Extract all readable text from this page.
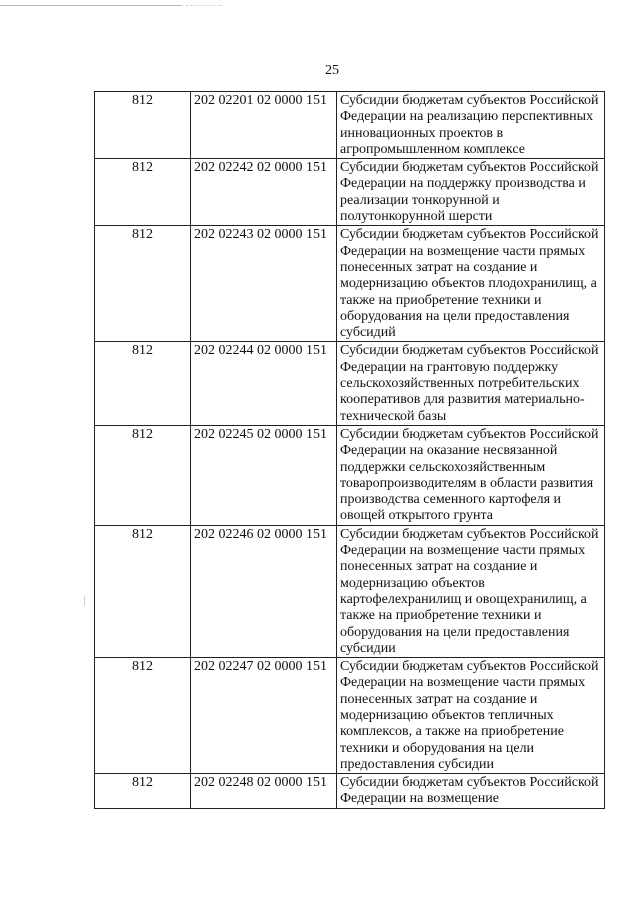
25
812	202 02201 02 0000 151	Субсидии бюджетам субъектов Российской Федерации на реализацию перспективных инновационных проектов в агропромышленном комплексе
812	202 02242 02 0000 151	Субсидии бюджетам субъектов Российской Федерации на поддержку производства и реализации тонкорунной и полутонкорунной шерсти
812	202 02243 02 0000 151	Субсидии бюджетам субъектов Российской Федерации на возмещение части прямых понесенных затрат на создание и модернизацию объектов плодохранилищ, а также на приобретение техники и оборудования на цели предоставления субсидий
812	202 02244 02 0000 151	Субсидии бюджетам субъектов Российской Федерации на грантовую поддержку сельскохозяйственных потребительских кооперативов для развития материально-технической базы
812	202 02245 02 0000 151	Субсидии бюджетам субъектов Российской Федерации на оказание несвязанной поддержки сельскохозяйственным товаропроизводителям в области развития производства семенного картофеля и овощей открытого грунта
812	202 02246 02 0000 151	Субсидии бюджетам субъектов Российской Федерации на возмещение части прямых понесенных затрат на создание и модернизацию объектов картофелехранилищ и овощехранилищ, а также на приобретение техники и оборудования на цели предоставления субсидии
812	202 02247 02 0000 151	Субсидии бюджетам субъектов Российской Федерации на возмещение части прямых понесенных затрат на создание и модернизацию объектов тепличных комплексов, а также на приобретение техники и оборудования на цели предоставления субсидии
812	202 02248 02 0000 151	Субсидии бюджетам субъектов Российской Федерации на возмещение
